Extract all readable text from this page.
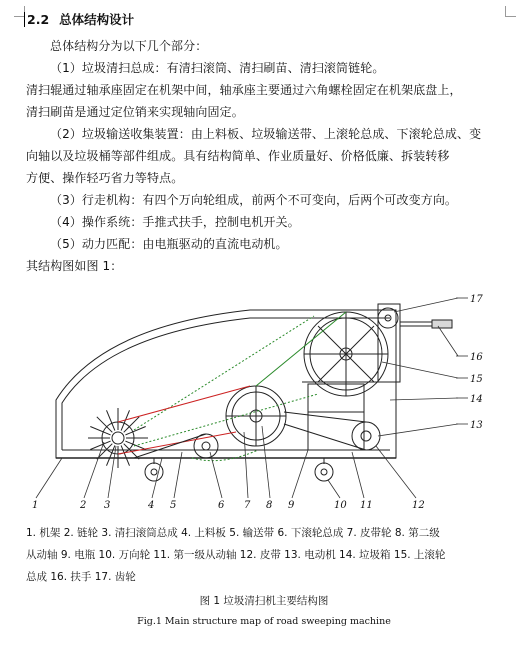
2.2 总体结构设计
总体结构分为以下几个部分：
（1）垃圾清扫总成：有清扫滚筒、清扫刷苗、清扫滚筒链轮。
清扫辊通过轴承座固定在机架中间，轴承座主要通过六角螺栓固定在机架底盘上，
清扫刷苗是通过定位销来实现轴向固定。
（2）垃圾输送收集装置：由上料板、垃圾输送带、上滚轮总成、下滚轮总成、变
向轴以及垃圾桶等部件组成。具有结构简单、作业质量好、价格低廉、拆装转移
方便、操作轻巧省力等特点。
（3）行走机构：有四个万向轮组成，前两个不可变向，后两个可改变方向。
（4）操作系统：手推式扶手，控制电机开关。
（5）动力匹配：由电瓶驱动的直流电动机。
其结构图如图 1：
1	2 3	4 5	6 7 8 9	10 11	12
13
14
15
16
17
1. 机架 2. 链轮 3. 清扫滚筒总成 4. 上料板 5. 输送带 6. 下滚轮总成 7. 皮带轮 8. 第二级
从动轴 9. 电瓶 10. 万向轮 11. 第一级从动轴 12. 皮带 13. 电动机 14. 垃圾箱 15. 上滚轮
总成 16. 扶手 17. 齿轮
图 1 垃圾清扫机主要结构图
Fig.1 Main structure map of road sweeping machine
